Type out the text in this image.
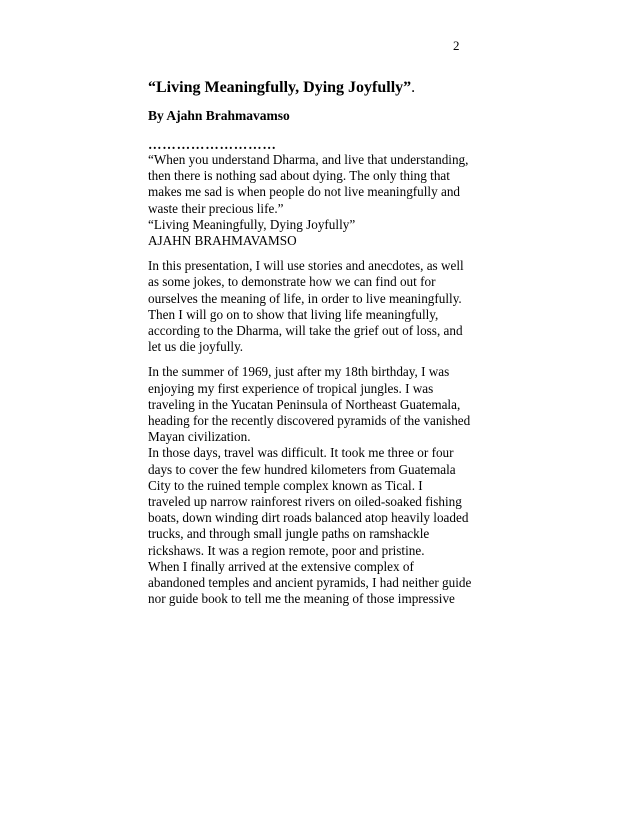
2
“Living Meaningfully, Dying Joyfully”.
By Ajahn Brahmavamso
………………………
“When you understand Dharma, and live that understanding,
then there is nothing sad about dying. The only thing that
makes me sad is when people do not live meaningfully and
waste their precious life.”
“Living Meaningfully, Dying Joyfully”
AJAHN BRAHMAVAMSO
In this presentation, I will use stories and anecdotes, as well
as some jokes, to demonstrate how we can find out for
ourselves the meaning of life, in order to live meaningfully.
Then I will go on to show that living life meaningfully,
according to the Dharma, will take the grief out of loss, and
let us die joyfully.
In the summer of 1969, just after my 18th birthday, I was
enjoying my first experience of tropical jungles. I was
traveling in the Yucatan Peninsula of Northeast Guatemala,
heading for the recently discovered pyramids of the vanished
Mayan civilization.
In those days, travel was difficult. It took me three or four
days to cover the few hundred kilometers from Guatemala
City to the ruined temple complex known as Tical. I
traveled up narrow rainforest rivers on oiled-soaked fishing
boats, down winding dirt roads balanced atop heavily loaded
trucks, and through small jungle paths on ramshackle
rickshaws. It was a region remote, poor and pristine.
When I finally arrived at the extensive complex of
abandoned temples and ancient pyramids, I had neither guide
nor guide book to tell me the meaning of those impressive
